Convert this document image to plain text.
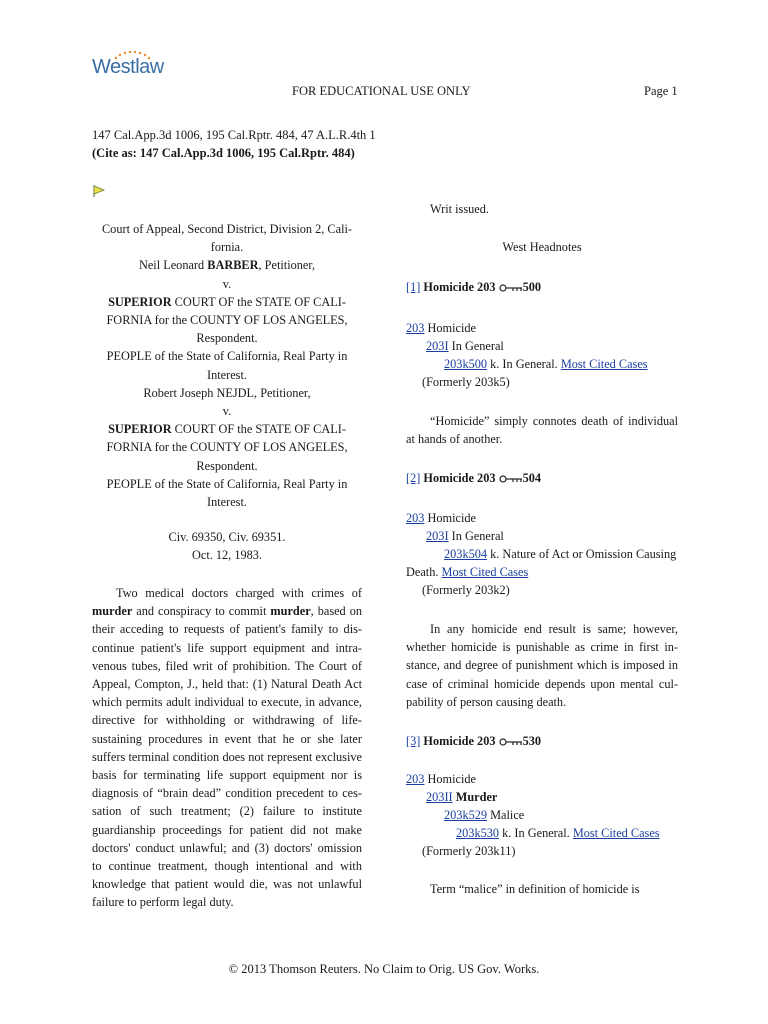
Westlaw
FOR EDUCATIONAL USE ONLY	Page 1
147 Cal.App.3d 1006, 195 Cal.Rptr. 484, 47 A.L.R.4th 1
(Cite as: 147 Cal.App.3d 1006, 195 Cal.Rptr. 484)
Court of Appeal, Second District, Division 2, Cali-
fornia.
Neil Leonard BARBER, Petitioner,
v.
SUPERIOR COURT OF the STATE OF CALI-
FORNIA for the COUNTY OF LOS ANGELES,
Respondent.
PEOPLE of the State of California, Real Party in
Interest.
Robert Joseph NEJDL, Petitioner,
v.
SUPERIOR COURT OF the STATE OF CALI-
FORNIA for the COUNTY OF LOS ANGELES,
Respondent.
PEOPLE of the State of California, Real Party in
Interest.
Civ. 69350, Civ. 69351.
Oct. 12, 1983.
Two medical doctors charged with crimes of murder and conspiracy to commit murder, based on their acceding to requests of patient's family to dis-continue patient's life support equipment and intra-venous tubes, filed writ of prohibition. The Court of Appeal, Compton, J., held that: (1) Natural Death Act which permits adult individual to execute, in advance, directive for withholding or withdrawing of life-sustaining procedures in event that he or she later suffers terminal condition does not represent exclusive basis for terminating life support equipment nor is diagnosis of “brain dead” condition precedent to ces-sation of such treatment; (2) failure to institute guardianship proceedings for patient did not make doctors' conduct unlawful; and (3) doctors' omission to continue treatment, though intentional and with knowledge that patient would die, was not unlawful failure to perform legal duty.
Writ issued.
West Headnotes
[1] Homicide 203 500
203 Homicide
203I In General
203k500 k. In General. Most Cited Cases
(Formerly 203k5)
“Homicide” simply connotes death of individual at hands of another.
[2] Homicide 203 504
203 Homicide
203I In General
203k504 k. Nature of Act or Omission Causing
Death. Most Cited Cases
(Formerly 203k2)
In any homicide end result is same; however, whether homicide is punishable as crime in first in-stance, and degree of punishment which is imposed in case of criminal homicide depends upon mental cul-pability of person causing death.
[3] Homicide 203 530
203 Homicide
203II Murder
203k529 Malice
203k530 k. In General. Most Cited Cases
(Formerly 203k11)
Term “malice” in definition of homicide is
© 2013 Thomson Reuters. No Claim to Orig. US Gov. Works.
